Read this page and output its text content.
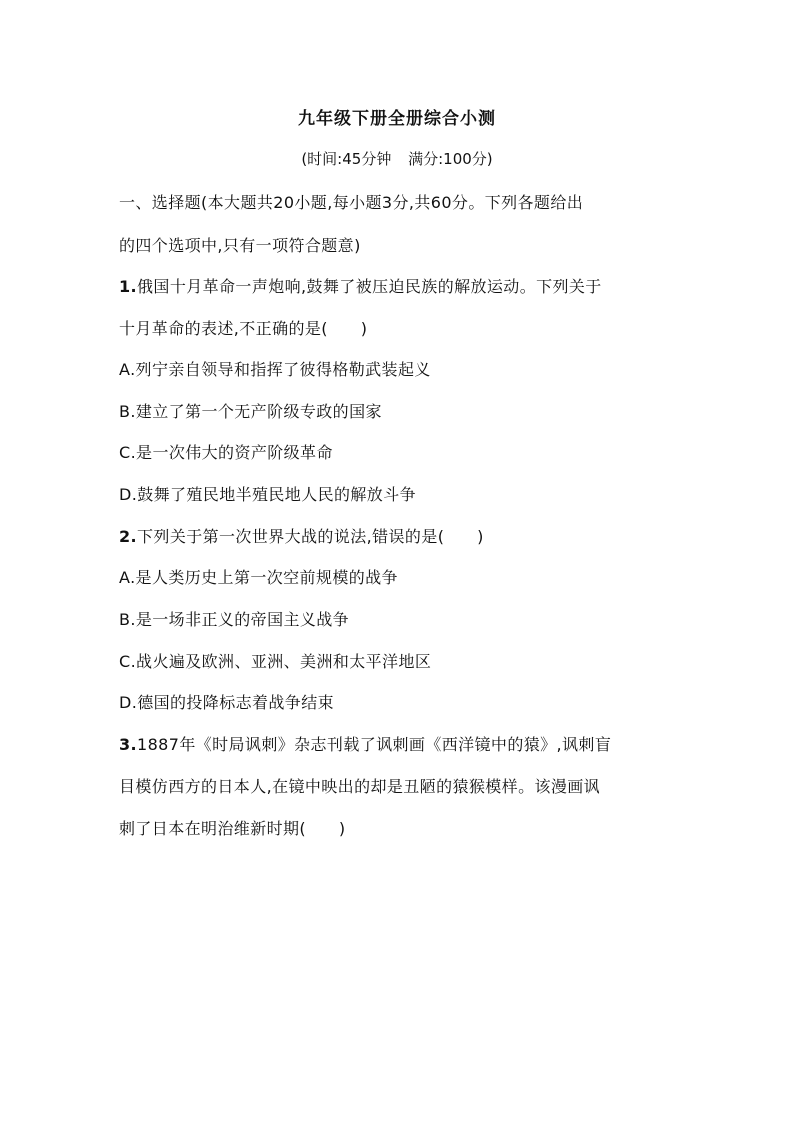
九年级下册全册综合小测
(时间:45分钟 满分:100分)
一、选择题(本大题共20小题,每小题3分,共60分。下列各题给出
的四个选项中,只有一项符合题意)
1.俄国十月革命一声炮响,鼓舞了被压迫民族的解放运动。下列关于
十月革命的表述,不正确的是(　　)
A.列宁亲自领导和指挥了彼得格勒武装起义
B.建立了第一个无产阶级专政的国家
C.是一次伟大的资产阶级革命
D.鼓舞了殖民地半殖民地人民的解放斗争
2.下列关于第一次世界大战的说法,错误的是(　　)
A.是人类历史上第一次空前规模的战争
B.是一场非正义的帝国主义战争
C.战火遍及欧洲、亚洲、美洲和太平洋地区
D.德国的投降标志着战争结束
3.1887年《时局讽刺》杂志刊载了讽刺画《西洋镜中的猿》,讽刺盲
目模仿西方的日本人,在镜中映出的却是丑陋的猿猴模样。该漫画讽
刺了日本在明治维新时期(　　)
